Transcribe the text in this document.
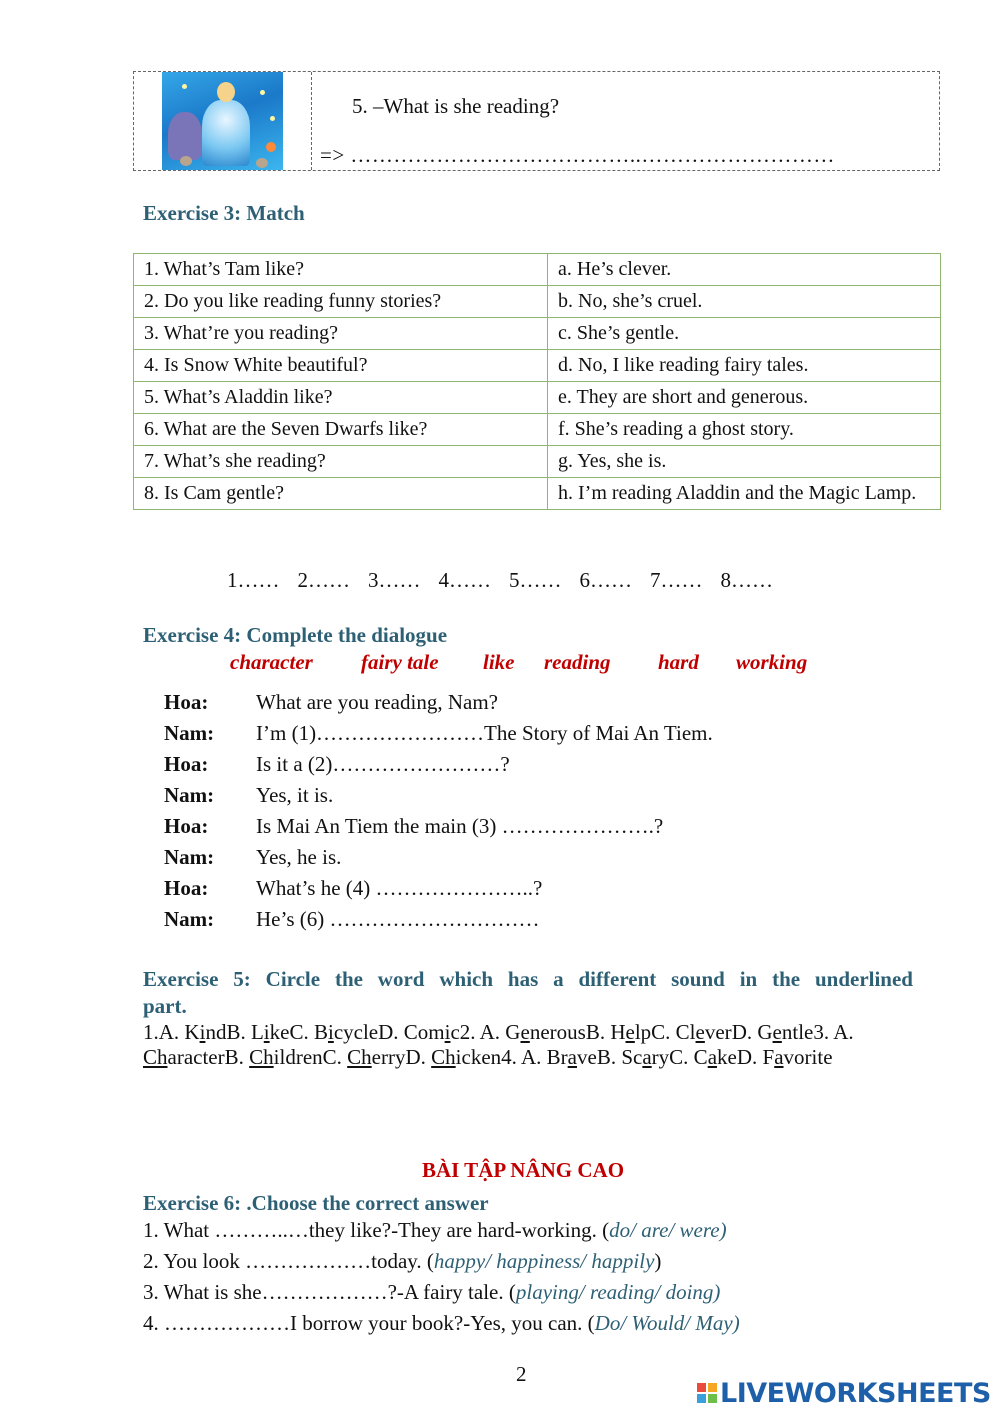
5. –What is she reading?
=> …………………………………..………………………
Exercise 3: Match
1. What’s Tam like?	a. He’s clever.
2. Do you like reading funny stories?	b. No, she’s cruel.
3. What’re you reading?	c. She’s gentle.
4. Is Snow White beautiful?	d. No, I like reading fairy tales.
5. What’s Aladdin like?	e. They are short and generous.
6. What are the Seven Dwarfs like?	f. She’s reading a ghost story.
7. What’s she reading?	g. Yes, she is.
8. Is Cam gentle?	h. I’m reading Aladdin and the Magic Lamp.
1…… 2…… 3…… 4…… 5…… 6…… 7…… 8……
Exercise 4: Complete the dialogue
character fairy tale like reading hard working
Hoa: What are you reading, Nam?
Nam: I’m (1)……………………The Story of Mai An Tiem.
Hoa: Is it a (2)……………………?
Nam: Yes, it is.
Hoa: Is Mai An Tiem the main (3) ………………….?
Nam: Yes, he is.
Hoa: What’s he (4) …………………..?
Nam: He’s (6) …………………………
Exercise 5: Circle the word which has a different sound in the underlined
part.
1.A. KindB. LikeC. BicycleD. Comic2. A. GenerousB. HelpC. CleverD. Gentle3. A. CharacterB. ChildrenC. CherryD. Chicken4. A. BraveB. ScaryC. CakeD. Favorite
BÀI TẬP NÂNG CAO
Exercise 6: .Choose the correct answer
1. What ………..…they like?-They are hard-working. (do/ are/ were)
2. You look ………………today. (happy/ happiness/ happily)
3. What is she………………?-A fairy tale. (playing/ reading/ doing)
4. ………………I borrow your book?-Yes, you can. (Do/ Would/ May)
2
LIVEWORKSHEETS
